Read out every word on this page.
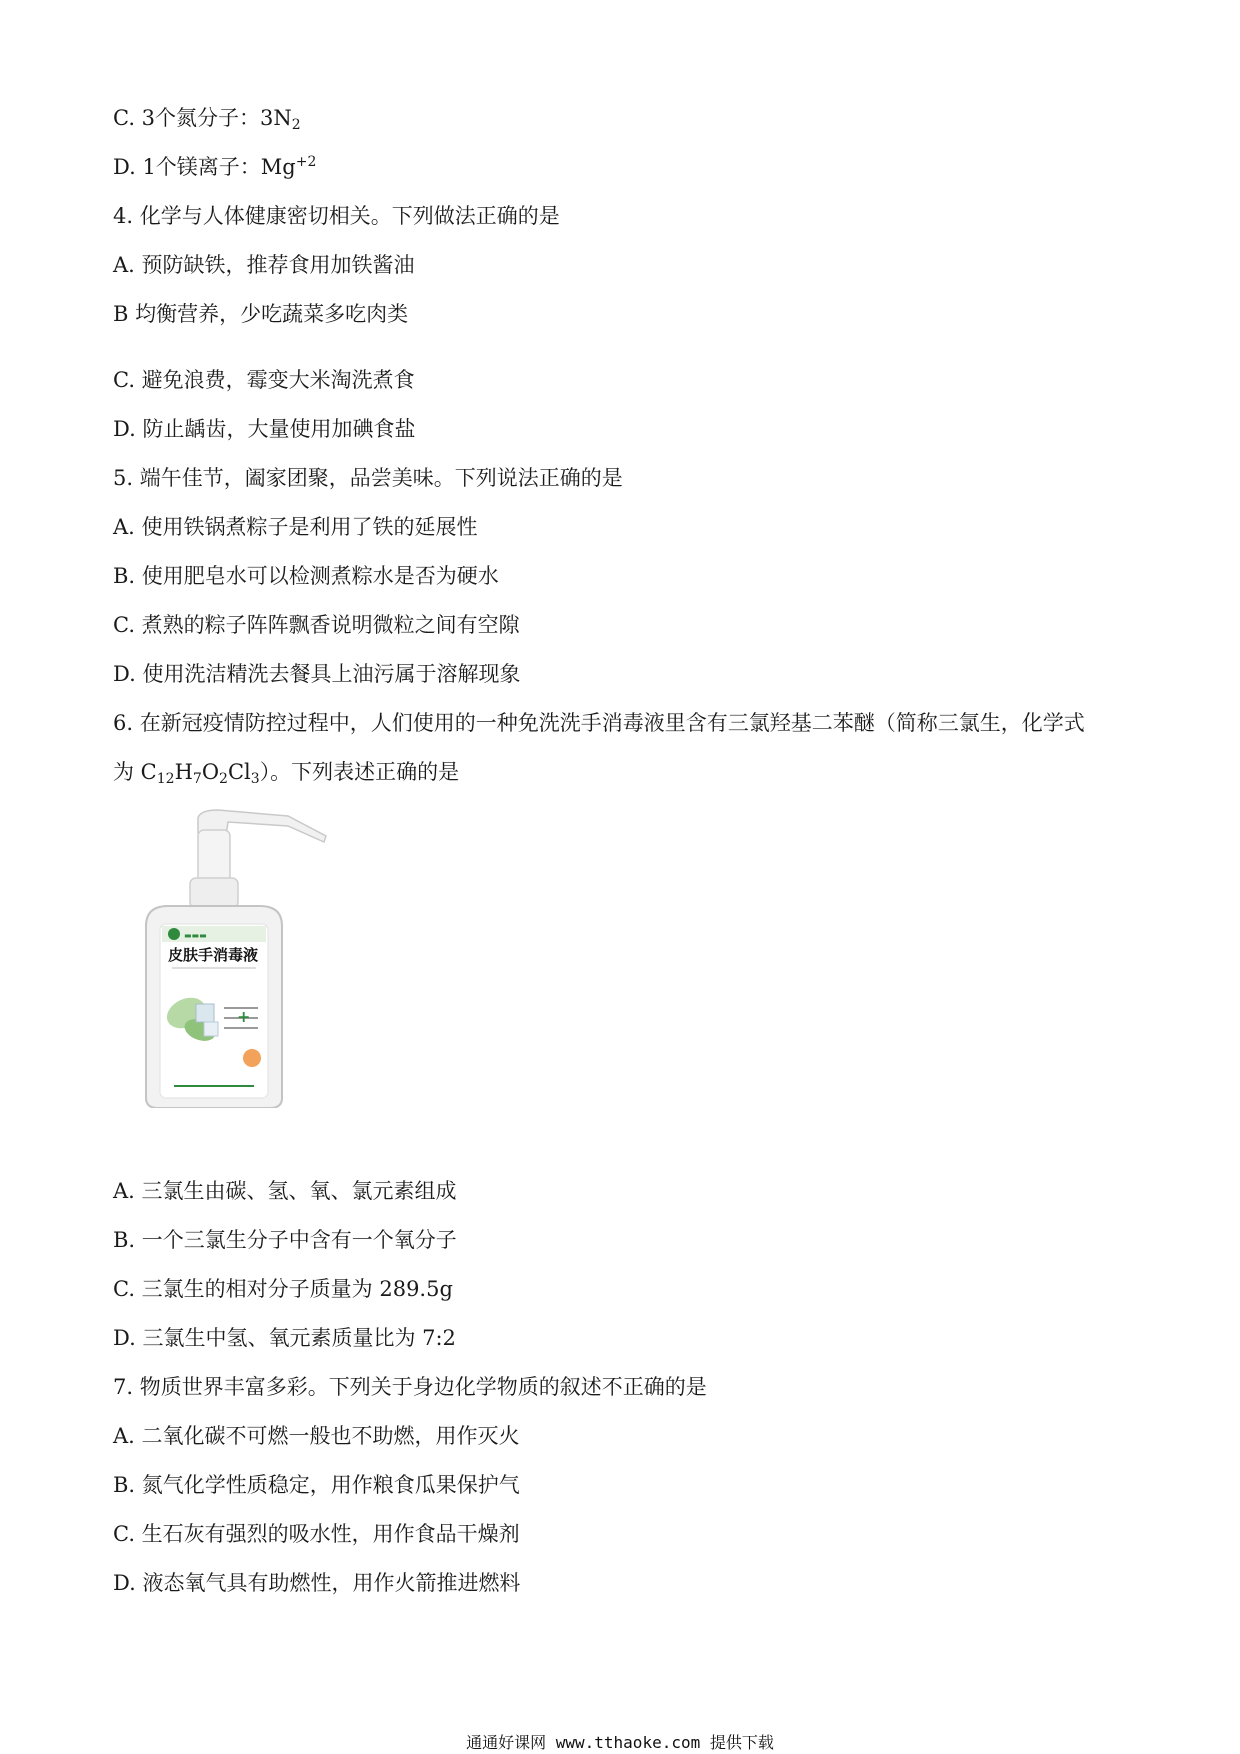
C. 3个氮分子：$3N_2$
D. 1个镁离子：$Mg^{+2}$
4. 化学与人体健康密切相关。下列做法正确的是
A. 预防缺铁，推荐食用加铁酱油
B 均衡营养，少吃蔬菜多吃肉类
C. 避免浪费，霉变大米淘洗煮食
D. 防止龋齿，大量使用加碘食盐
5. 端午佳节，阖家团聚，品尝美味。下列说法正确的是
A. 使用铁锅煮粽子是利用了铁的延展性
B. 使用肥皂水可以检测煮粽水是否为硬水
C. 煮熟的粽子阵阵飘香说明微粒之间有空隙
D. 使用洗洁精洗去餐具上油污属于溶解现象
6. 在新冠疫情防控过程中，人们使用的一种免洗洗手消毒液里含有三氯羟基二苯醚（简称三氯生，化学式
为 $C_{12}H_7O_2Cl_3$）。下列表述正确的是
▬▬▬
皮肤手消毒液
+
A. 三氯生由碳、氢、氧、氯元素组成
B. 一个三氯生分子中含有一个氧分子
C. 三氯生的相对分子质量为 289.5g
D. 三氯生中氢、氧元素质量比为 7:2
7. 物质世界丰富多彩。下列关于身边化学物质的叙述不正确的是
A. 二氧化碳不可燃一般也不助燃，用作灭火
B. 氮气化学性质稳定，用作粮食瓜果保护气
C. 生石灰有强烈的吸水性，用作食品干燥剂
D. 液态氧气具有助燃性，用作火箭推进燃料
通通好课网 www.tthaoke.com 提供下载
